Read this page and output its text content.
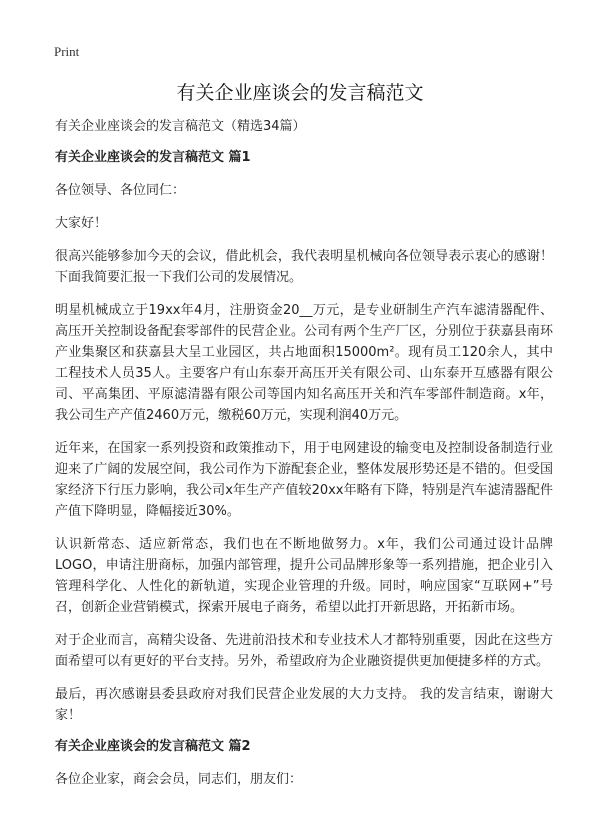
Print
有关企业座谈会的发言稿范文

有关企业座谈会的发言稿范文（精选34篇）

有关企业座谈会的发言稿范文 篇1

各位领导、各位同仁：

大家好！

很高兴能够参加今天的会议，借此机会，我代表明星机械向各位领导表示衷心的感谢！下面我简要汇报一下我们公司的发展情况。

明星机械成立于19xx年4月，注册资金20__万元，是专业研制生产汽车滤清器配件、高压开关控制设备配套零部件的民营企业。公司有两个生产厂区，分别位于获嘉县南环产业集聚区和获嘉县大呈工业园区，共占地面积15000m²。现有员工120余人，其中工程技术人员35人。主要客户有山东泰开高压开关有限公司、山东泰开互感器有限公司、平高集团、平原滤清器有限公司等国内知名高压开关和汽车零部件制造商。x年，我公司生产产值2460万元，缴税60万元，实现利润40万元。

近年来，在国家一系列投资和政策推动下，用于电网建设的输变电及控制设备制造行业迎来了广阔的发展空间，我公司作为下游配套企业，整体发展形势还是不错的。但受国家经济下行压力影响，我公司x年生产产值较20xx年略有下降，特别是汽车滤清器配件产值下降明显，降幅接近30%。

认识新常态、适应新常态，我们也在不断地做努力。x年，我们公司通过设计品牌LOGO，申请注册商标，加强内部管理，提升公司品牌形象等一系列措施，把企业引入管理科学化、人性化的新轨道，实现企业管理的升级。同时，响应国家“互联网+”号召，创新企业营销模式，探索开展电子商务，希望以此打开新思路，开拓新市场。

对于企业而言，高精尖设备、先进前沿技术和专业技术人才都特别重要，因此在这些方面希望可以有更好的平台支持。另外，希望政府为企业融资提供更加便捷多样的方式。

最后，再次感谢县委县政府对我们民营企业发展的大力支持。 我的发言结束，谢谢大家！

有关企业座谈会的发言稿范文 篇2

各位企业家，商会会员，同志们，朋友们：
